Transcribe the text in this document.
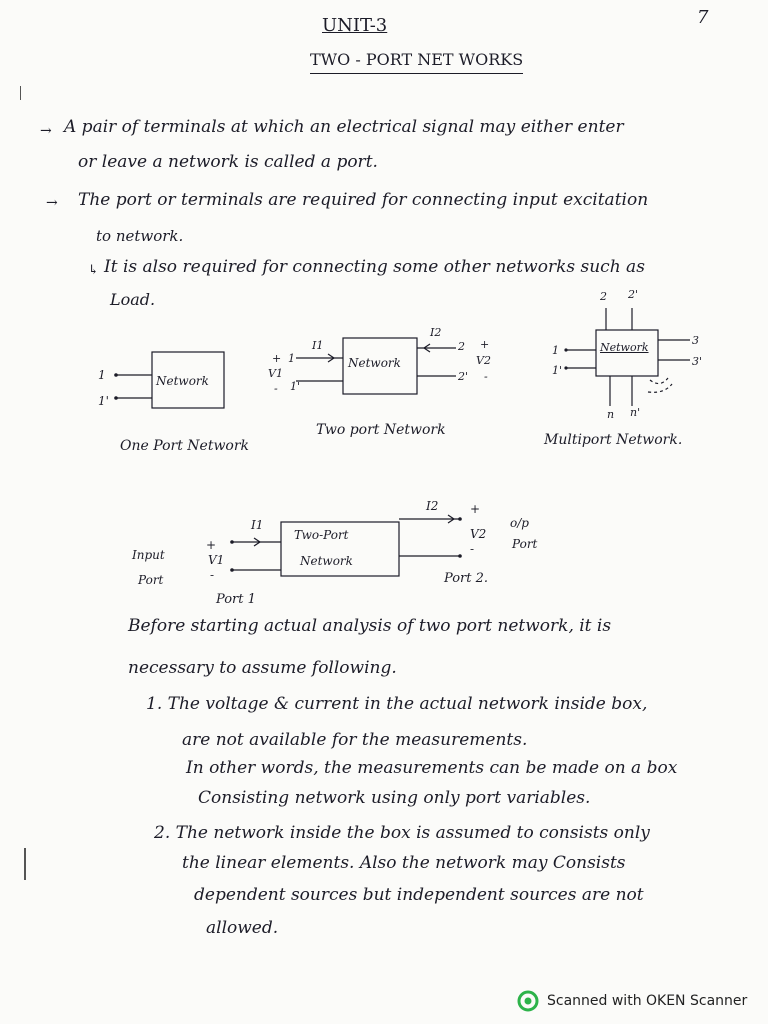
7
UNIT-3
TWO - PORT NET WORKS
→ A pair of terminals at which an electrical signal may either enter
or leave a network is called a port.
→ The port or terminals are required for connecting input excitation
to network.
↳ It is also required for connecting some other networks such as
Load.
Network
1
1'
One Port Network
Network
I1
I2
+ 1
V1
- 1'
2 +
V2
2' -
Two port Network
Network
1
1'
2 2'
3
3'
n n'
Multiport Network.
Two-Port
Network
I1
I2
+
V1
-
+
V2
-
Input
Port
o/p
Port
Port 1
Port 2.
Before starting actual analysis of two port network, it is
necessary to assume following.
1. The voltage & current in the actual network inside box,
are not available for the measurements.
In other words, the measurements can be made on a box
Consisting network using only port variables.
2. The network inside the box is assumed to consists only
the linear elements. Also the network may Consists
dependent sources but independent sources are not
allowed.
Scanned with OKEN Scanner
